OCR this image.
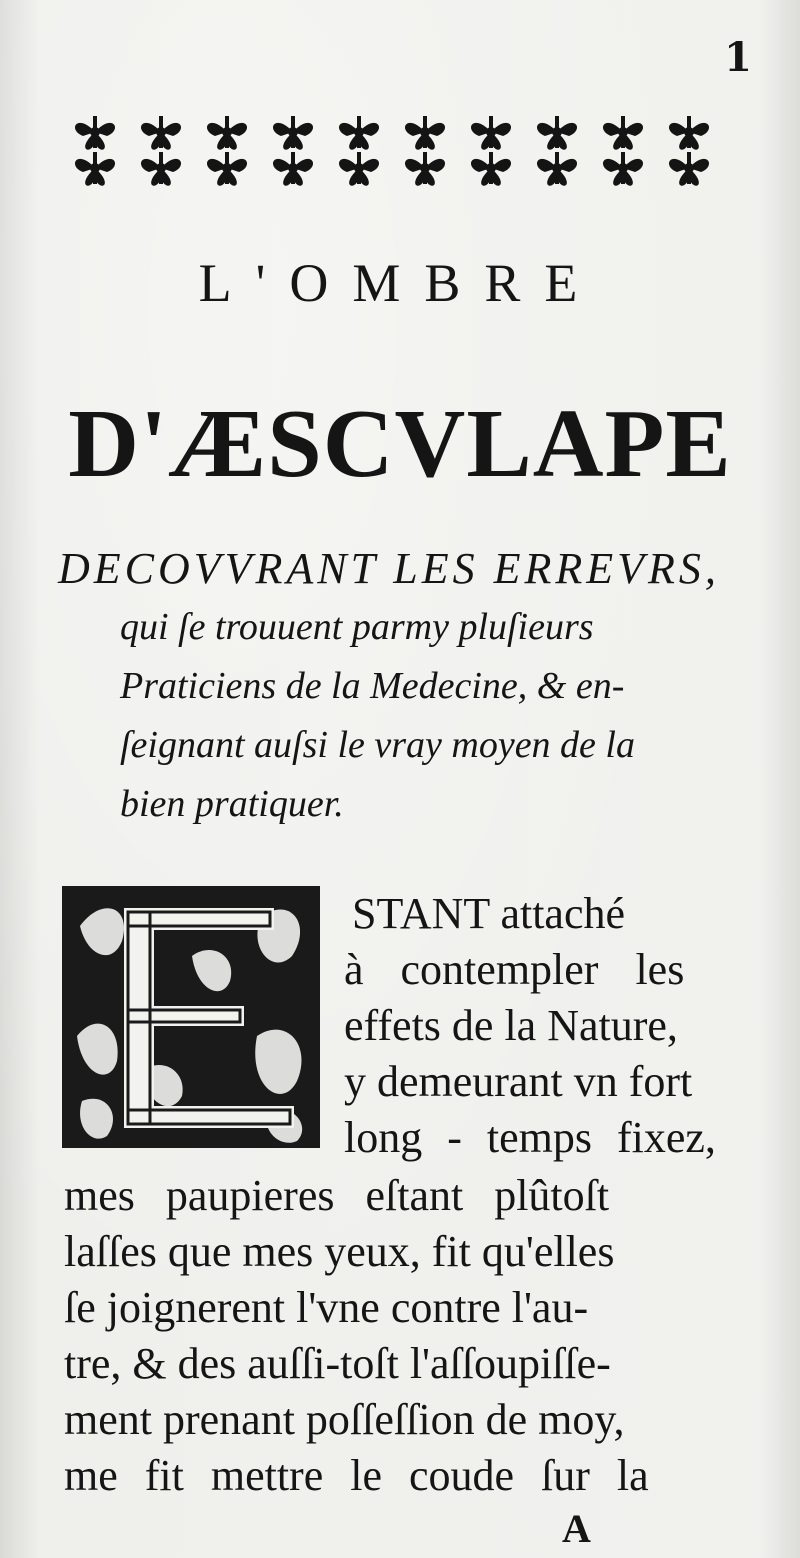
1
L'OMBRE
D'ÆSCVLAPE
DECOVVRANT LES ERREVRS,
qui ſe trouuent parmy pluſieurs
Praticiens de la Medecine, & en-
ſeignant auſsi le vray moyen de la
bien pratiquer.
STANT attaché
à contempler les
effets de la Nature,
y demeurant vn fort
long - temps fixez,
mes paupieres eſtant plûtoſt
laſſes que mes yeux, fit qu'elles
ſe joignerent l'vne contre l'au-
tre, & des auſſi-toſt l'aſſoupiſſe-
ment prenant poſſeſſion de moy,
me fit mettre le coude ſur la
A
